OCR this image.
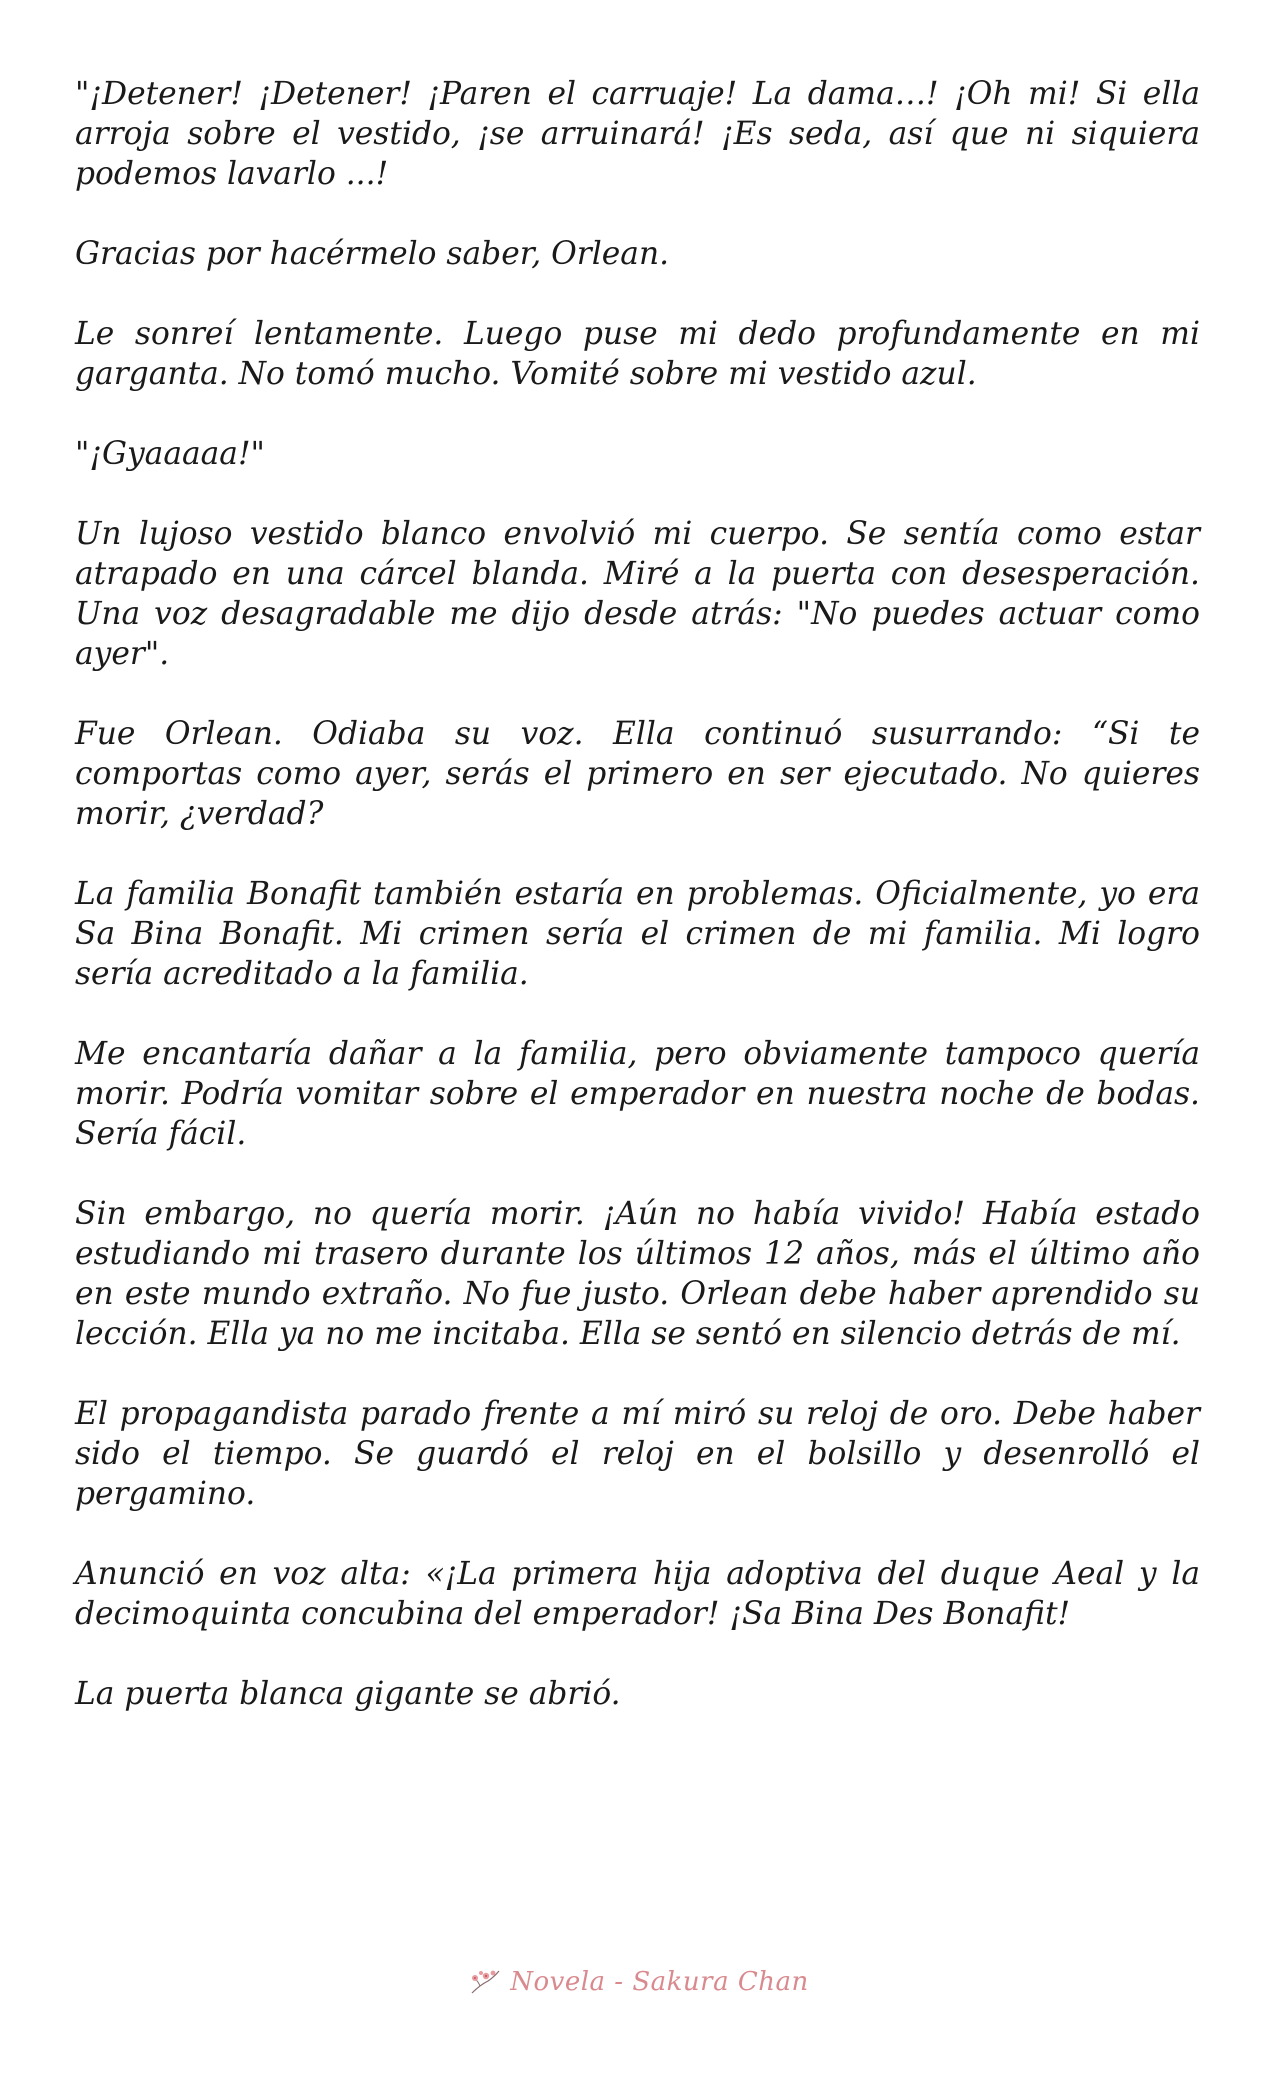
"¡Detener! ¡Detener! ¡Paren el carruaje! La dama…! ¡Oh mi! Si ella arroja sobre el vestido, ¡se arruinará! ¡Es seda, así que ni siquiera podemos lavarlo ...!

Gracias por hacérmelo saber, Orlean.

Le sonreí lentamente. Luego puse mi dedo profundamente en mi garganta. No tomó mucho. Vomité sobre mi vestido azul.

"¡Gyaaaaa!"

Un lujoso vestido blanco envolvió mi cuerpo. Se sentía como estar atrapado en una cárcel blanda. Miré a la puerta con desesperación. Una voz desagradable me dijo desde atrás: "No puedes actuar como ayer".

Fue Orlean. Odiaba su voz. Ella continuó susurrando: “Si te comportas como ayer, serás el primero en ser ejecutado. No quieres morir, ¿verdad?

La familia Bonafit también estaría en problemas. Oficialmente, yo era Sa Bina Bonafit. Mi crimen sería el crimen de mi familia. Mi logro sería acreditado a la familia.

Me encantaría dañar a la familia, pero obviamente tampoco quería morir. Podría vomitar sobre el emperador en nuestra noche de bodas. Sería fácil.

Sin embargo, no quería morir. ¡Aún no había vivido! Había estado estudiando mi trasero durante los últimos 12 años, más el último año en este mundo extraño. No fue justo. Orlean debe haber aprendido su lección. Ella ya no me incitaba. Ella se sentó en silencio detrás de mí.

El propagandista parado frente a mí miró su reloj de oro. Debe haber sido el tiempo. Se guardó el reloj en el bolsillo y desenrolló el pergamino.

Anunció en voz alta: «¡La primera hija adoptiva del duque Aeal y la decimoquinta concubina del emperador! ¡Sa Bina Des Bonafit!

La puerta blanca gigante se abrió.

Novela - Sakura Chan
